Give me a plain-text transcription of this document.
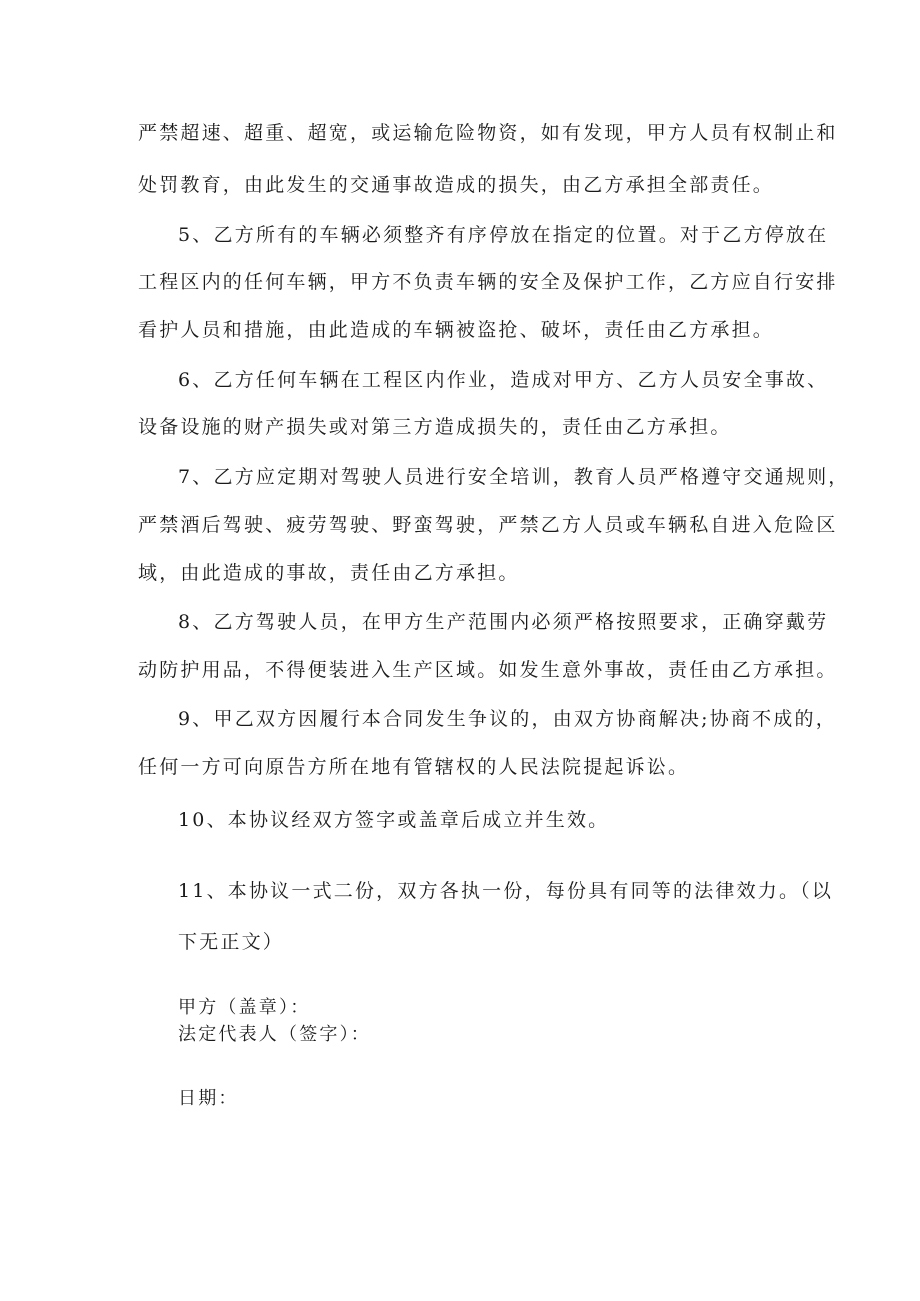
严禁超速、超重、超宽，或运输危险物资，如有发现，甲方人员有权制止和
处罚教育，由此发生的交通事故造成的损失，由乙方承担全部责任。
5、乙方所有的车辆必须整齐有序停放在指定的位置。对于乙方停放在
工程区内的任何车辆，甲方不负责车辆的安全及保护工作，乙方应自行安排
看护人员和措施，由此造成的车辆被盗抢、破坏，责任由乙方承担。
6、乙方任何车辆在工程区内作业，造成对甲方、乙方人员安全事故、
设备设施的财产损失或对第三方造成损失的，责任由乙方承担。
7、乙方应定期对驾驶人员进行安全培训，教育人员严格遵守交通规则，
严禁酒后驾驶、疲劳驾驶、野蛮驾驶，严禁乙方人员或车辆私自进入危险区
域，由此造成的事故，责任由乙方承担。
8、乙方驾驶人员，在甲方生产范围内必须严格按照要求，正确穿戴劳
动防护用品，不得便装进入生产区域。如发生意外事故，责任由乙方承担。
9、甲乙双方因履行本合同发生争议的，由双方协商解决;协商不成的，
任何一方可向原告方所在地有管辖权的人民法院提起诉讼。
10、本协议经双方签字或盖章后成立并生效。
11、本协议一式二份，双方各执一份，每份具有同等的法律效力。（以
下无正文）
甲方（盖章）：
法定代表人（签字）：
日期：
